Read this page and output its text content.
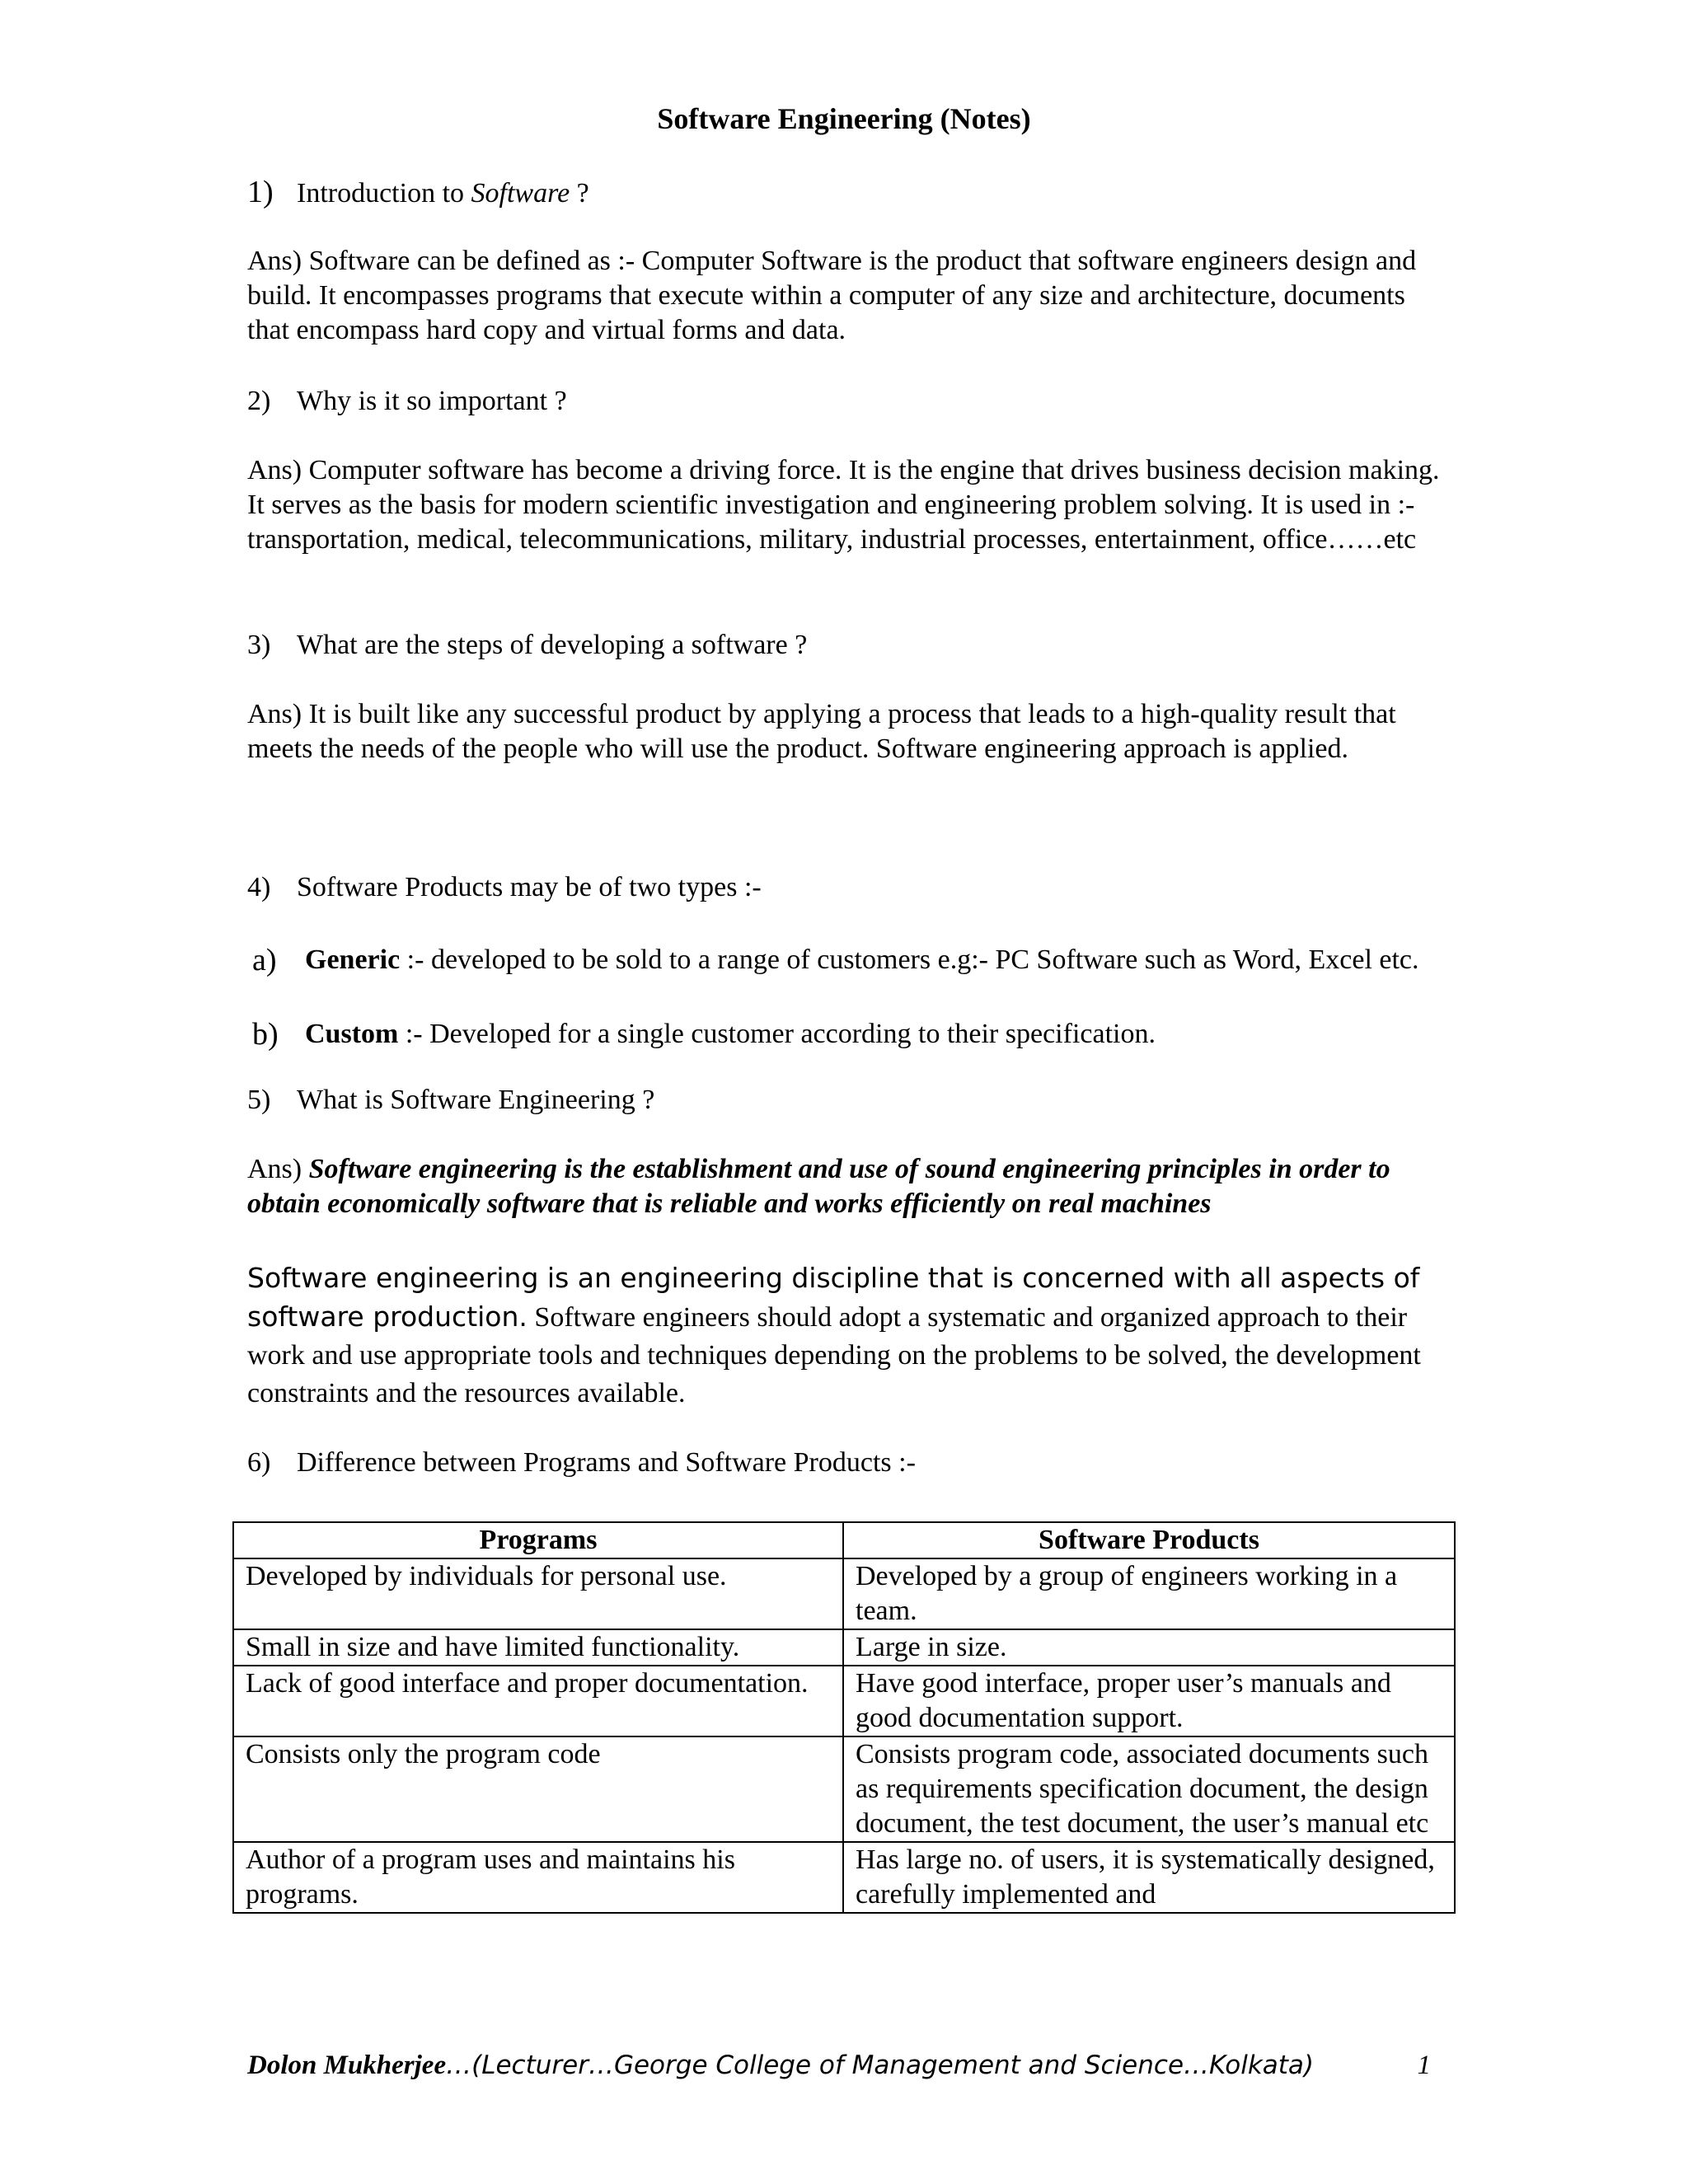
Software Engineering (Notes)
1) Introduction to Software ?
Ans) Software can be defined as :- Computer Software is the product that software engineers design and build. It encompasses programs that execute within a computer of any size and architecture, documents that encompass hard copy and virtual forms and data.
2) Why is it so important ?
Ans) Computer software has become a driving force. It is the engine that drives business decision making. It serves as the basis for modern scientific investigation and engineering problem solving. It is used in :- transportation, medical, telecommunications, military, industrial processes, entertainment, office……etc
3) What are the steps of developing a software ?
Ans) It is built like any successful product by applying a process that leads to a high-quality result that meets the needs of the people who will use the product. Software engineering approach is applied.
4) Software Products may be of two types :-
a) Generic :- developed to be sold to a range of customers e.g:- PC Software such as Word, Excel etc.
b) Custom :- Developed for a single customer according to their specification.
5) What is Software Engineering ?
Ans) Software engineering is the establishment and use of sound engineering principles in order to obtain economically software that is reliable and works efficiently on real machines
Software engineering is an engineering discipline that is concerned with all aspects of software production. Software engineers should adopt a systematic and organized approach to their work and use appropriate tools and techniques depending on the problems to be solved, the development constraints and the resources available.
6) Difference between Programs and Software Products :-
Programs	Software Products
Developed by individuals for personal use.	Developed by a group of engineers working in a team.
Small in size and have limited functionality.	Large in size.
Lack of good interface and proper documentation.	Have good interface, proper user’s manuals and good documentation support.
Consists only the program code	Consists program code, associated documents such as requirements specification document, the design document, the test document, the user’s manual etc
Author of a program uses and maintains his programs.	Has large no. of users, it is systematically designed, carefully implemented and
Dolon Mukherjee…(Lecturer…George College of Management and Science…Kolkata)	1
